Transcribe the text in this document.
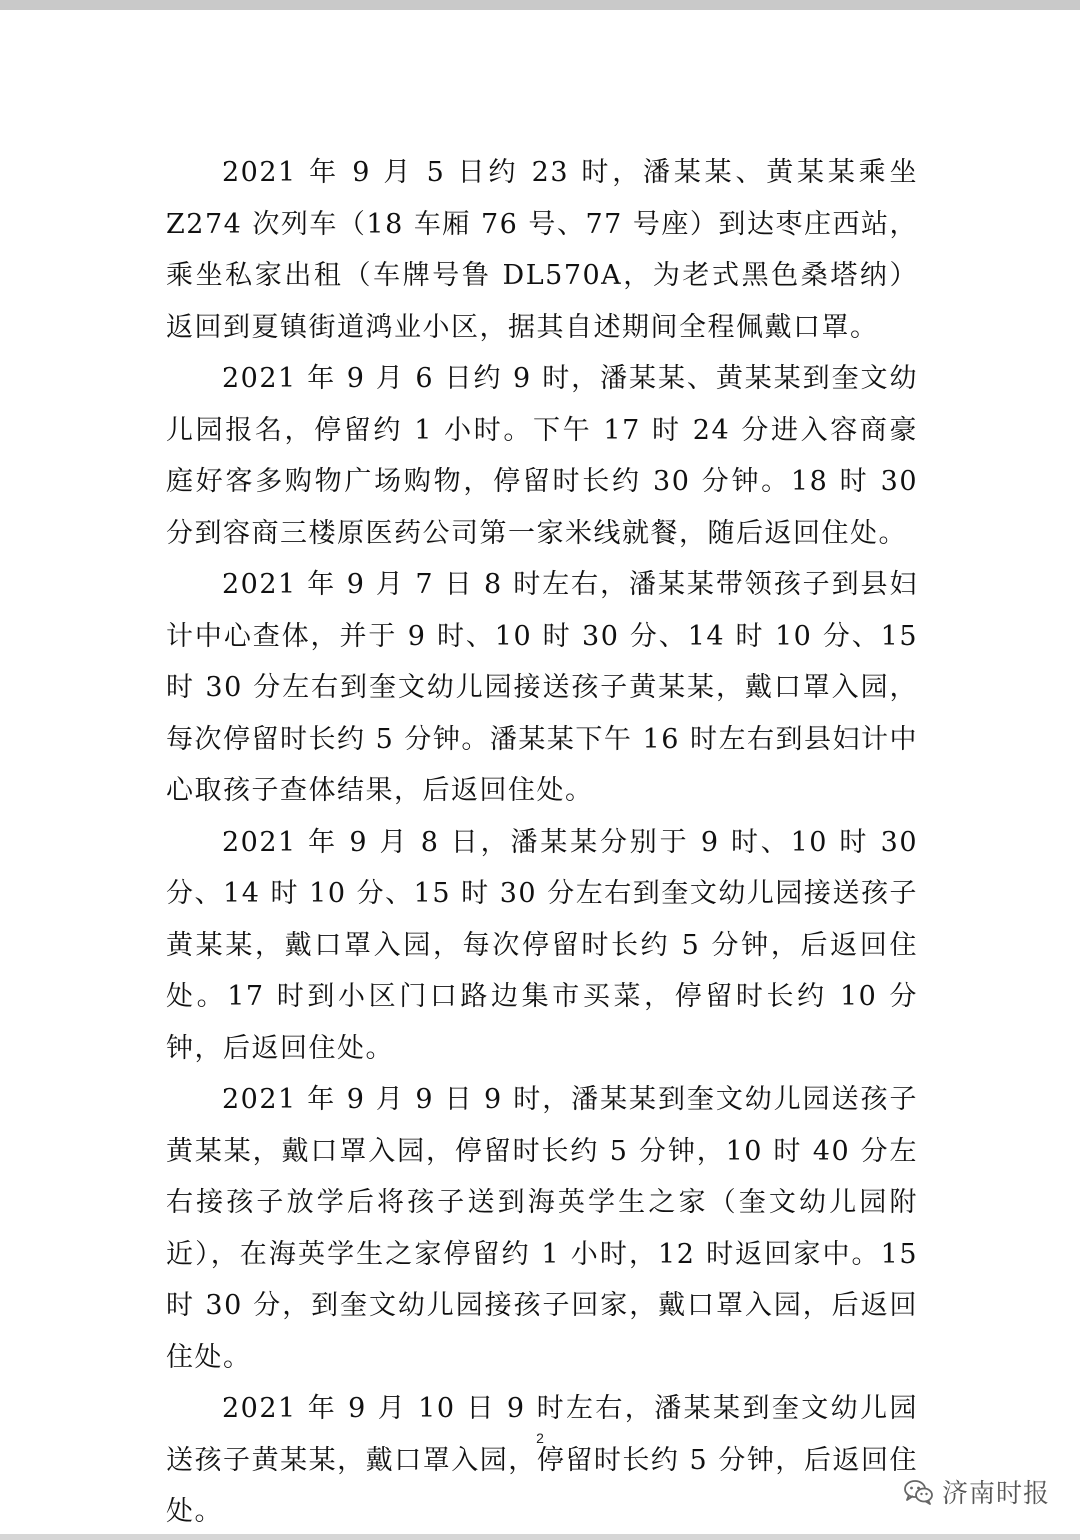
2021 年 9 月 5 日约 23 时，潘某某、黄某某乘坐 Z274 次列车（18 车厢 76 号、77 号座）到达枣庄西站，乘坐私家出租（车牌号鲁 DL570A，为老式黑色桑塔纳）返回到夏镇街道鸿业小区，据其自述期间全程佩戴口罩。

2021 年 9 月 6 日约 9 时，潘某某、黄某某到奎文幼儿园报名，停留约 1 小时。下午 17 时 24 分进入容商豪庭好客多购物广场购物，停留时长约 30 分钟。18 时 30 分到容商三楼原医药公司第一家米线就餐，随后返回住处。

2021 年 9 月 7 日 8 时左右，潘某某带领孩子到县妇计中心查体，并于 9 时、10 时 30 分、14 时 10 分、15 时 30 分左右到奎文幼儿园接送孩子黄某某，戴口罩入园，每次停留时长约 5 分钟。潘某某下午 16 时左右到县妇计中心取孩子查体结果，后返回住处。

2021 年 9 月 8 日，潘某某分别于 9 时、10 时 30 分、14 时 10 分、15 时 30 分左右到奎文幼儿园接送孩子黄某某，戴口罩入园，每次停留时长约 5 分钟，后返回住处。17 时到小区门口路边集市买菜，停留时长约 10 分钟，后返回住处。

2021 年 9 月 9 日 9 时，潘某某到奎文幼儿园送孩子黄某某，戴口罩入园，停留时长约 5 分钟，10 时 40 分左右接孩子放学后将孩子送到海英学生之家（奎文幼儿园附近），在海英学生之家停留约 1 小时，12 时返回家中。15 时 30 分，到奎文幼儿园接孩子回家，戴口罩入园，后返回住处。

2021 年 9 月 10 日 9 时左右，潘某某到奎文幼儿园送孩子黄某某，戴口罩入园，停留时长约 5 分钟，后返回住处。

2
济南时报
